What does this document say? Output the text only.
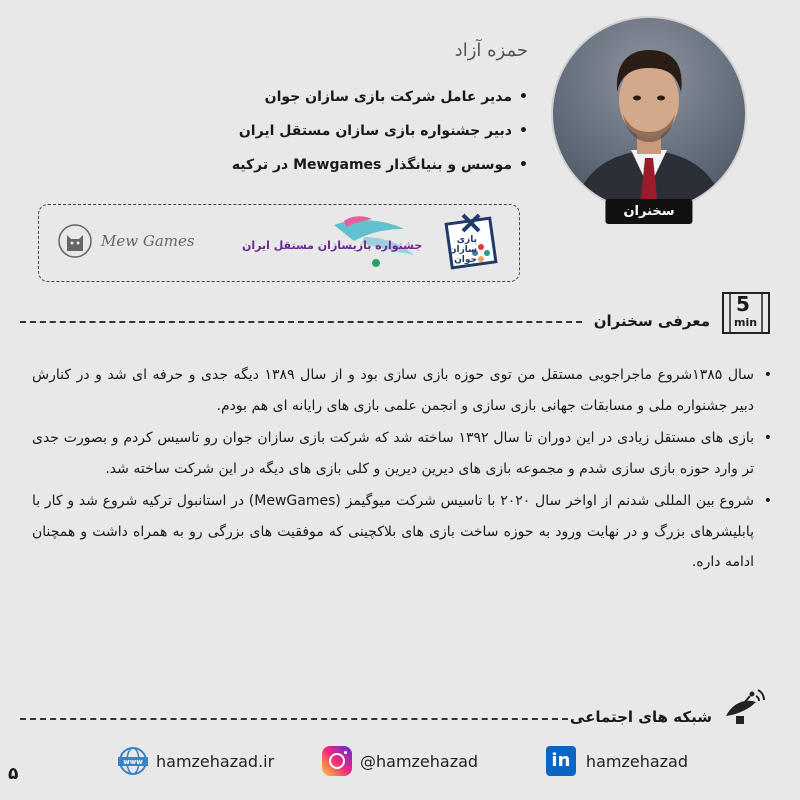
سخنران
حمزه آزاد
• مدیر عامل شرکت بازی سازان جوان
• دبیر جشنواره بازی سازان مستقل ایران
• موسس و بنیانگذار Mewgames در ترکیه
Mew Games	جشنواره بازیسازان مستقل ایران	بازی سازان جوان
5
min
معرفی سخنران
• سال ۱۳۸۵شروع ماجراجویی مستقل من توی حوزه بازی سازی بود و از سال ۱۳۸۹ دیگه جدی و حرفه ای شد و در کنارش دبیر جشنواره ملی و مسابقات جهانی بازی سازی و انجمن علمی بازی های رایانه ای هم بودم.
• بازی های مستقل زیادی در این دوران تا سال ۱۳۹۲ ساخته شد که شرکت بازی سازان جوان رو تاسیس کردم و بصورت جدی تر وارد حوزه بازی سازی شدم و مجموعه بازی های دیرین دیرین و کلی بازی های دیگه در این شرکت ساخته شد.
• شروع بین المللی شدنم از اواخر سال ۲۰۲۰ با تاسیس شرکت میوگیمز (MewGames) در استانبول ترکیه شروع شد و کار با پابلیشرهای بزرگ و در نهایت ورود به حوزه ساخت بازی های بلاکچینی که موفقیت های بزرگی رو به همراه داشت و همچنان ادامه داره.
شبکه های اجتماعی
in hamzehazad
@hamzehazad
www hamzehazad.ir
۵
